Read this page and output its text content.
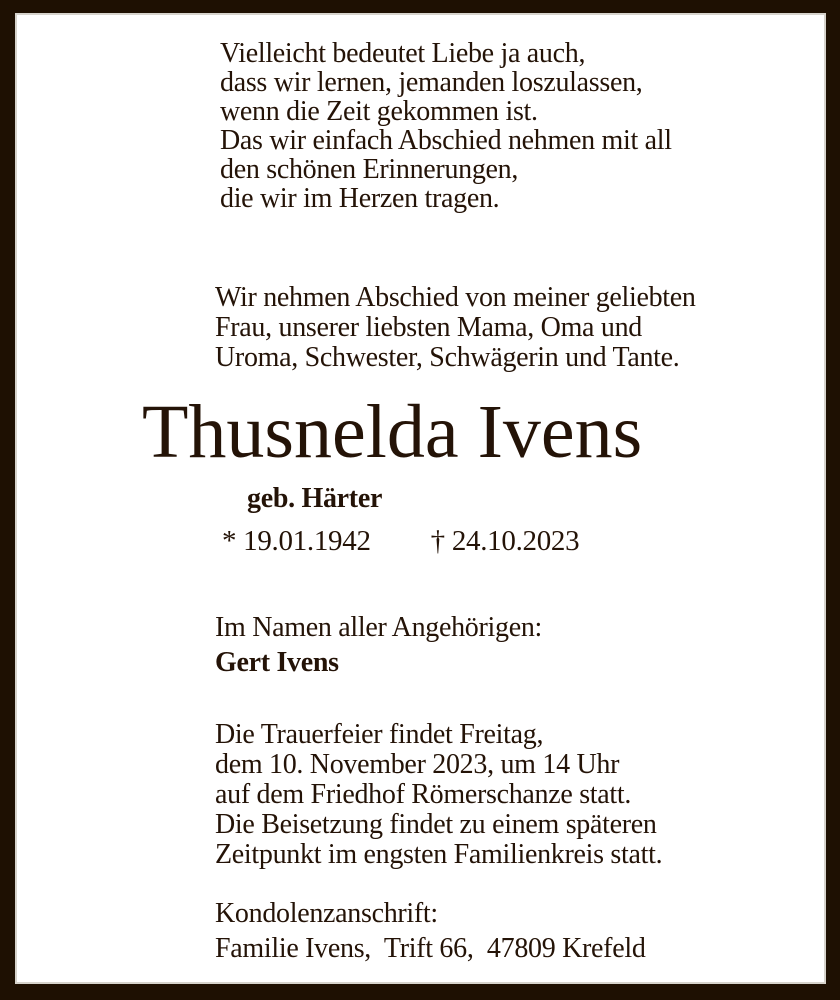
Vielleicht bedeutet Liebe ja auch,
dass wir lernen, jemanden loszulassen,
wenn die Zeit gekommen ist.
Das wir einfach Abschied nehmen mit all
den schönen Erinnerungen,
die wir im Herzen tragen.
Wir nehmen Abschied von meiner geliebten
Frau, unserer liebsten Mama, Oma und
Uroma, Schwester, Schwägerin und Tante.
Thusnelda Ivens
geb. Härter
* 19.01.1942 † 24.10.2023
Im Namen aller Angehörigen:
Gert Ivens
Die Trauerfeier findet Freitag,
dem 10. November 2023, um 14 Uhr
auf dem Friedhof Römerschanze statt.
Die Beisetzung findet zu einem späteren
Zeitpunkt im engsten Familienkreis statt.
Kondolenzanschrift:
Familie Ivens,  Trift 66,  47809 Krefeld
